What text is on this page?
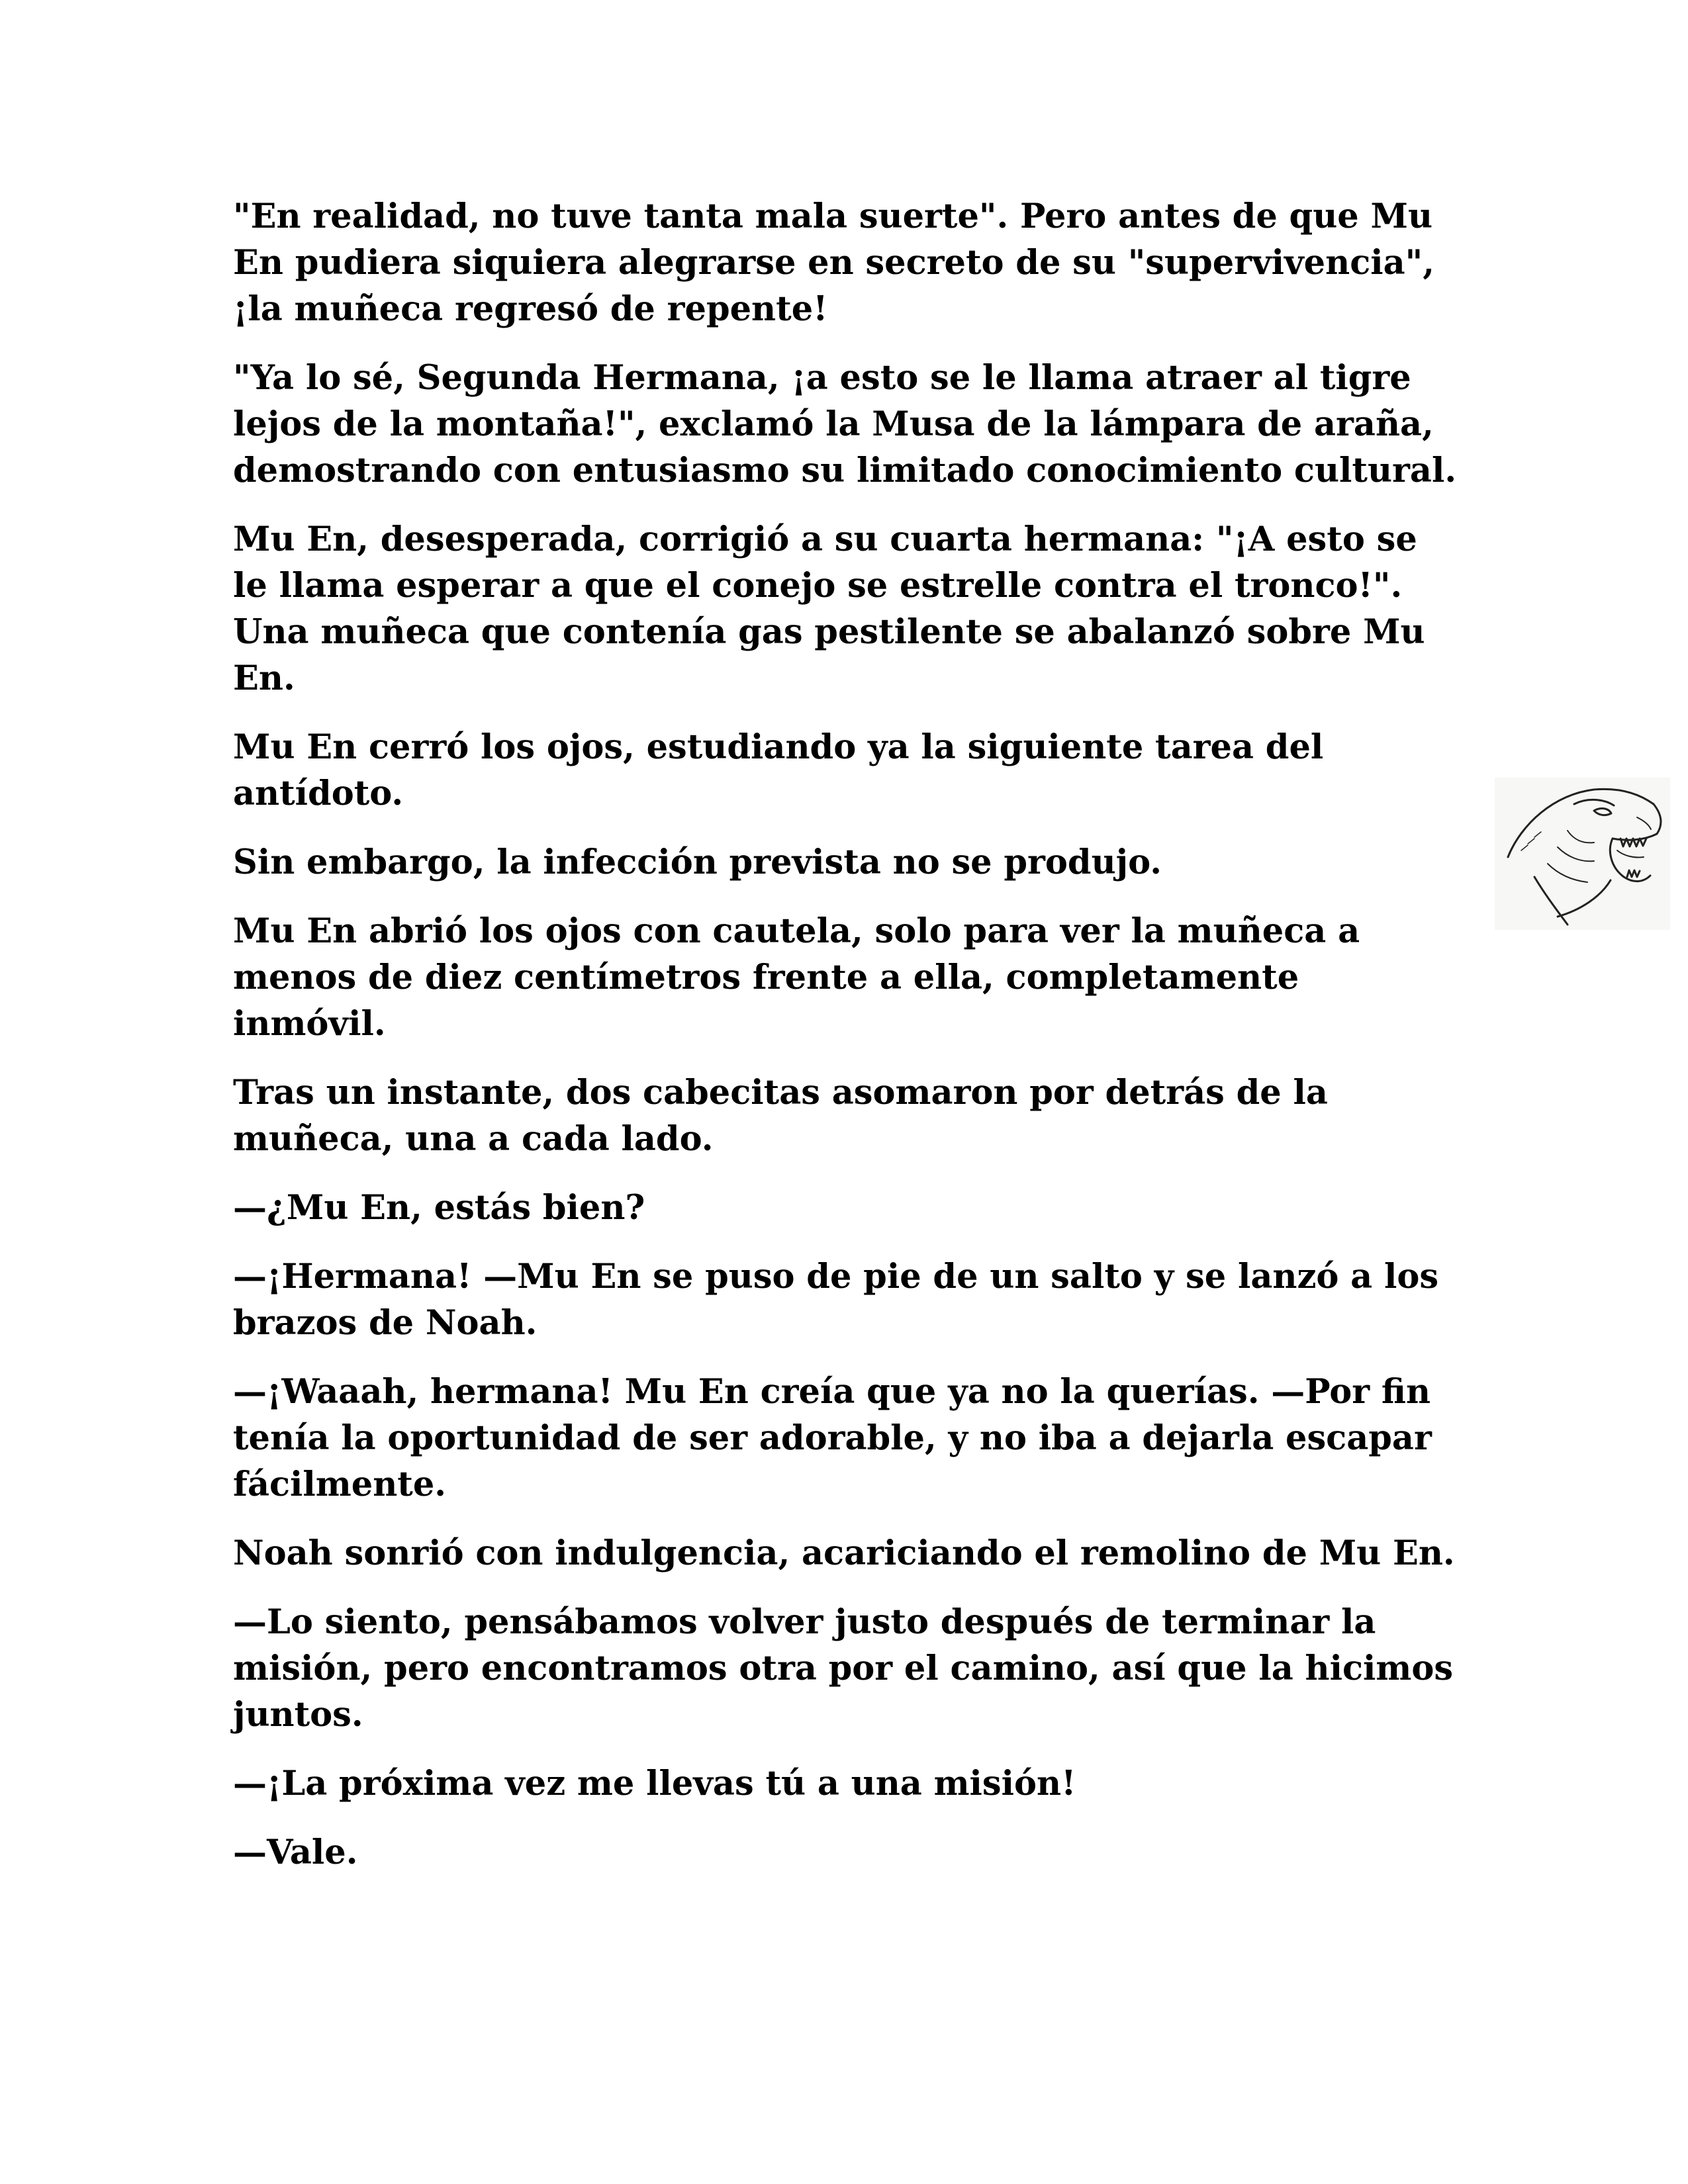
"En realidad, no tuve tanta mala suerte". Pero antes de que Mu En pudiera siquiera alegrarse en secreto de su "supervivencia", ¡la muñeca regresó de repente!

"Ya lo sé, Segunda Hermana, ¡a esto se le llama atraer al tigre lejos de la montaña!", exclamó la Musa de la lámpara de araña, demostrando con entusiasmo su limitado conocimiento cultural.

Mu En, desesperada, corrigió a su cuarta hermana: "¡A esto se le llama esperar a que el conejo se estrelle contra el tronco!". Una muñeca que contenía gas pestilente se abalanzó sobre Mu En.

Mu En cerró los ojos, estudiando ya la siguiente tarea del antídoto.

Sin embargo, la infección prevista no se produjo.

Mu En abrió los ojos con cautela, solo para ver la muñeca a menos de diez centímetros frente a ella, completamente inmóvil.

Tras un instante, dos cabecitas asomaron por detrás de la muñeca, una a cada lado.

—¿Mu En, estás bien?

—¡Hermana! —Mu En se puso de pie de un salto y se lanzó a los brazos de Noah.

—¡Waaah, hermana! Mu En creía que ya no la querías. —Por fin tenía la oportunidad de ser adorable, y no iba a dejarla escapar fácilmente.

Noah sonrió con indulgencia, acariciando el remolino de Mu En.

—Lo siento, pensábamos volver justo después de terminar la misión, pero encontramos otra por el camino, así que la hicimos juntos.

—¡La próxima vez me llevas tú a una misión!

—Vale.
